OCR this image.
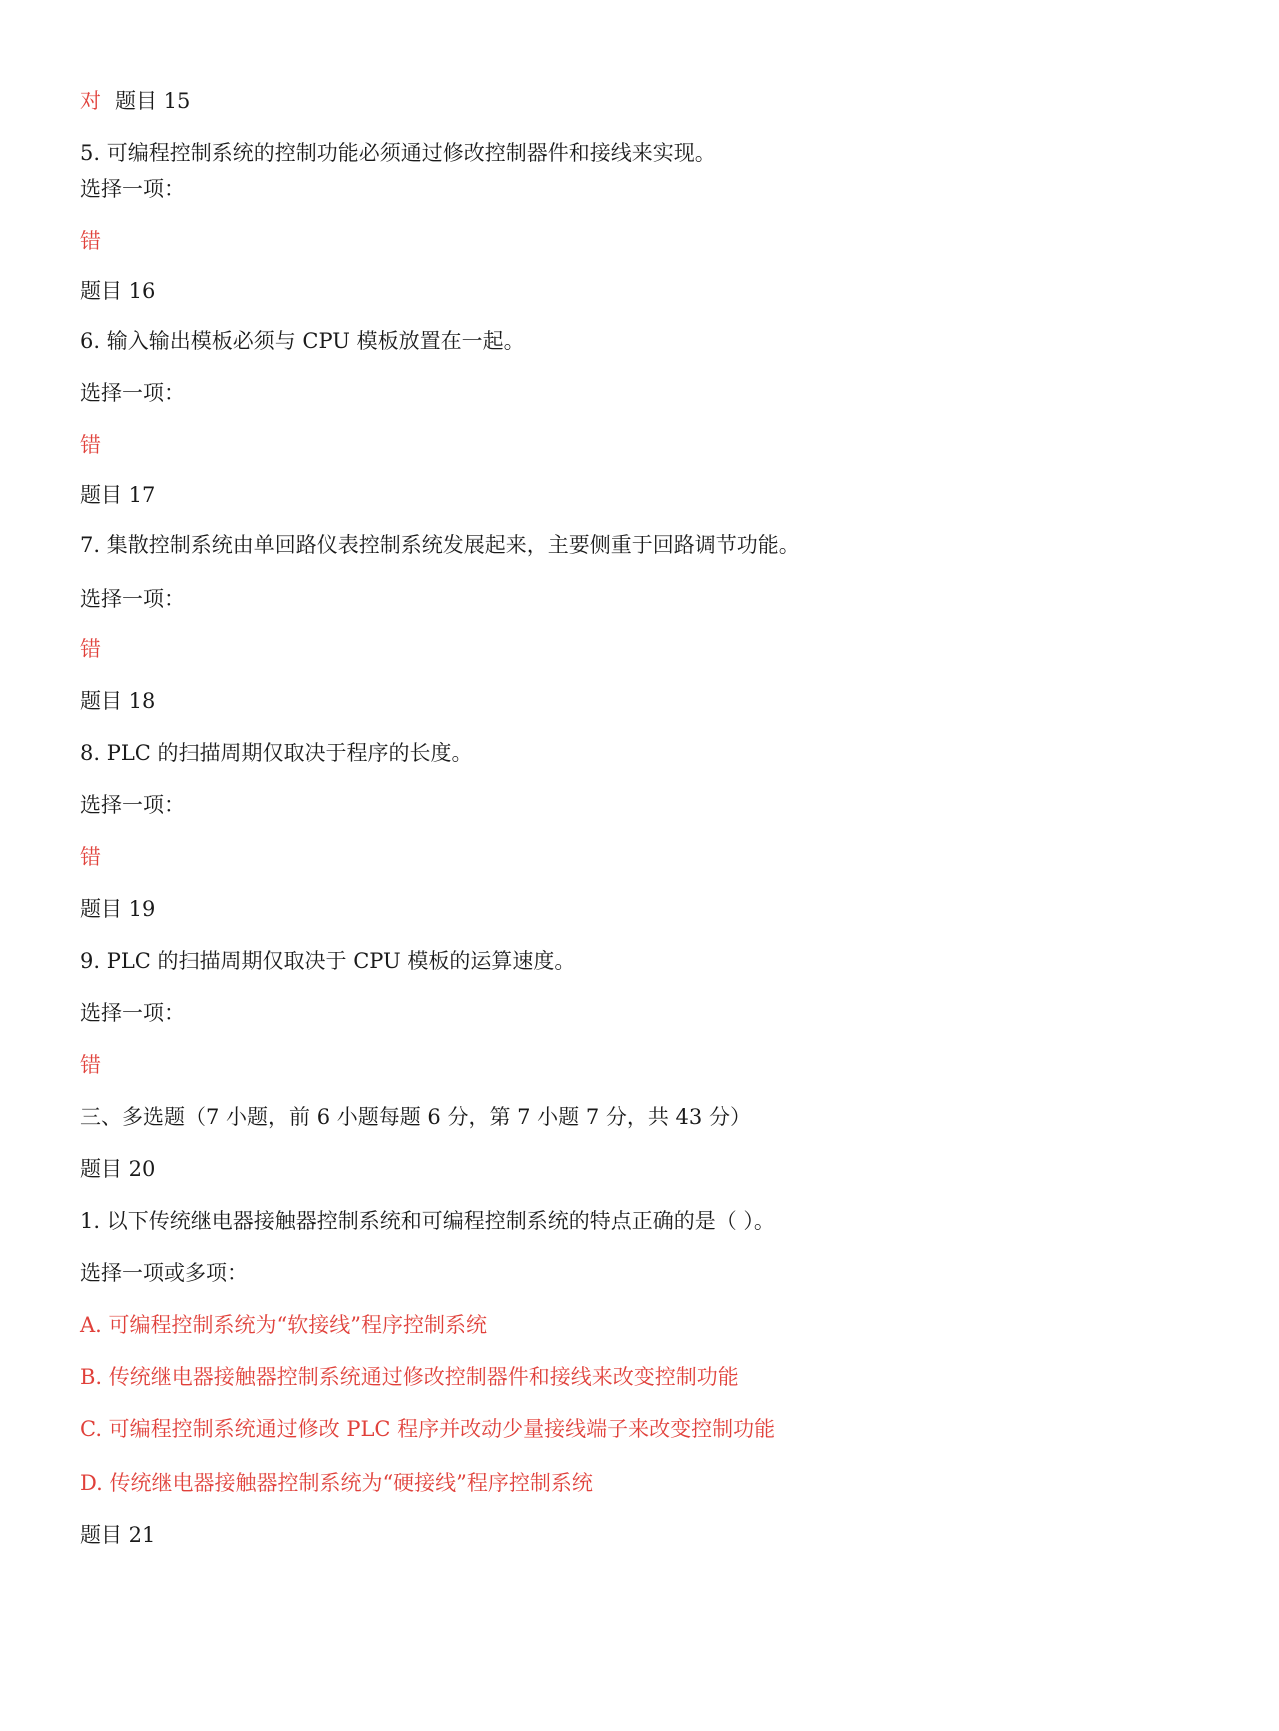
对 题目 15
5. 可编程控制系统的控制功能必须通过修改控制器件和接线来实现。
选择一项：
错
题目 16
6. 输入输出模板必须与 CPU 模板放置在一起。
选择一项：
错
题目 17
7. 集散控制系统由单回路仪表控制系统发展起来，主要侧重于回路调节功能。
选择一项：
错
题目 18
8. PLC 的扫描周期仅取决于程序的长度。
选择一项：
错
题目 19
9. PLC 的扫描周期仅取决于 CPU 模板的运算速度。
选择一项：
错
三、多选题（7 小题，前 6 小题每题 6 分，第 7 小题 7 分，共 43 分）
题目 20
1. 以下传统继电器接触器控制系统和可编程控制系统的特点正确的是（ ）。
选择一项或多项：
A. 可编程控制系统为“软接线”程序控制系统
B. 传统继电器接触器控制系统通过修改控制器件和接线来改变控制功能
C. 可编程控制系统通过修改 PLC 程序并改动少量接线端子来改变控制功能
D. 传统继电器接触器控制系统为“硬接线”程序控制系统
题目 21
